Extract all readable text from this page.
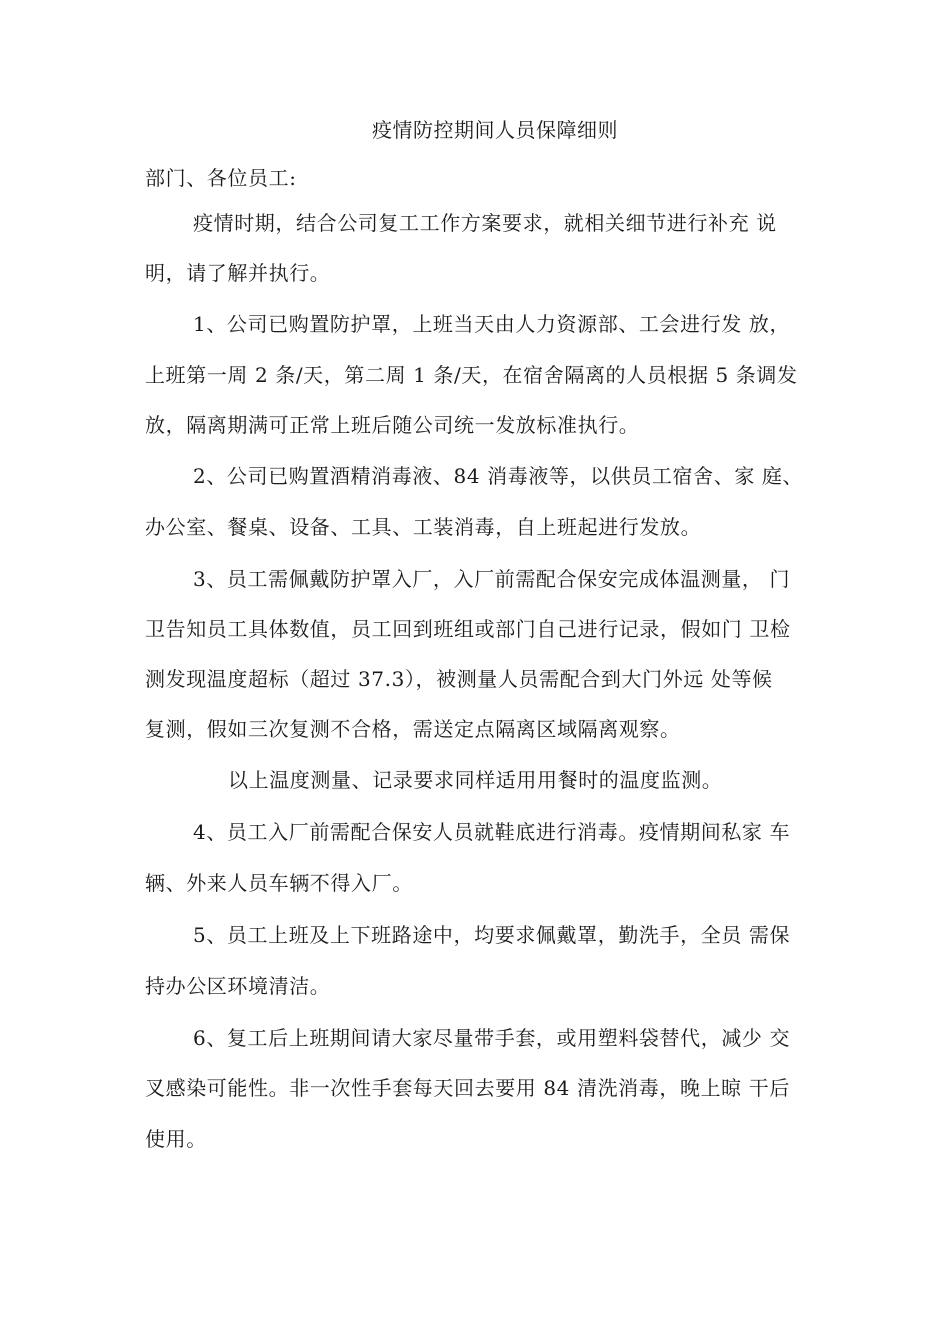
疫情防控期间人员保障细则
部门、各位员工:
疫情时期，结合公司复工工作方案要求，就相关细节进行补充 说
明，请了解并执行。
1、公司已购置防护罩，上班当天由人力资源部、工会进行发 放，
上班第一周 2 条/天，第二周 1 条/天，在宿舍隔离的人员根据 5 条调发
放，隔离期满可正常上班后随公司统一发放标准执行。
2、公司已购置酒精消毒液、84 消毒液等，以供员工宿舍、家 庭、
办公室、餐桌、设备、工具、工装消毒，自上班起进行发放。
3、员工需佩戴防护罩入厂，入厂前需配合保安完成体温测量， 门
卫告知员工具体数值，员工回到班组或部门自己进行记录，假如门 卫检
测发现温度超标（超过 37.3），被测量人员需配合到大门外远 处等候
复测，假如三次复测不合格，需送定点隔离区域隔离观察。
以上温度测量、记录要求同样适用用餐时的温度监测。
4、员工入厂前需配合保安人员就鞋底进行消毒。疫情期间私家 车
辆、外来人员车辆不得入厂。
5、员工上班及上下班路途中，均要求佩戴罩，勤洗手，全员 需保
持办公区环境清洁。
6、复工后上班期间请大家尽量带手套，或用塑料袋替代，减少 交
叉感染可能性。非一次性手套每天回去要用 84 清洗消毒，晚上晾 干后
使用。
